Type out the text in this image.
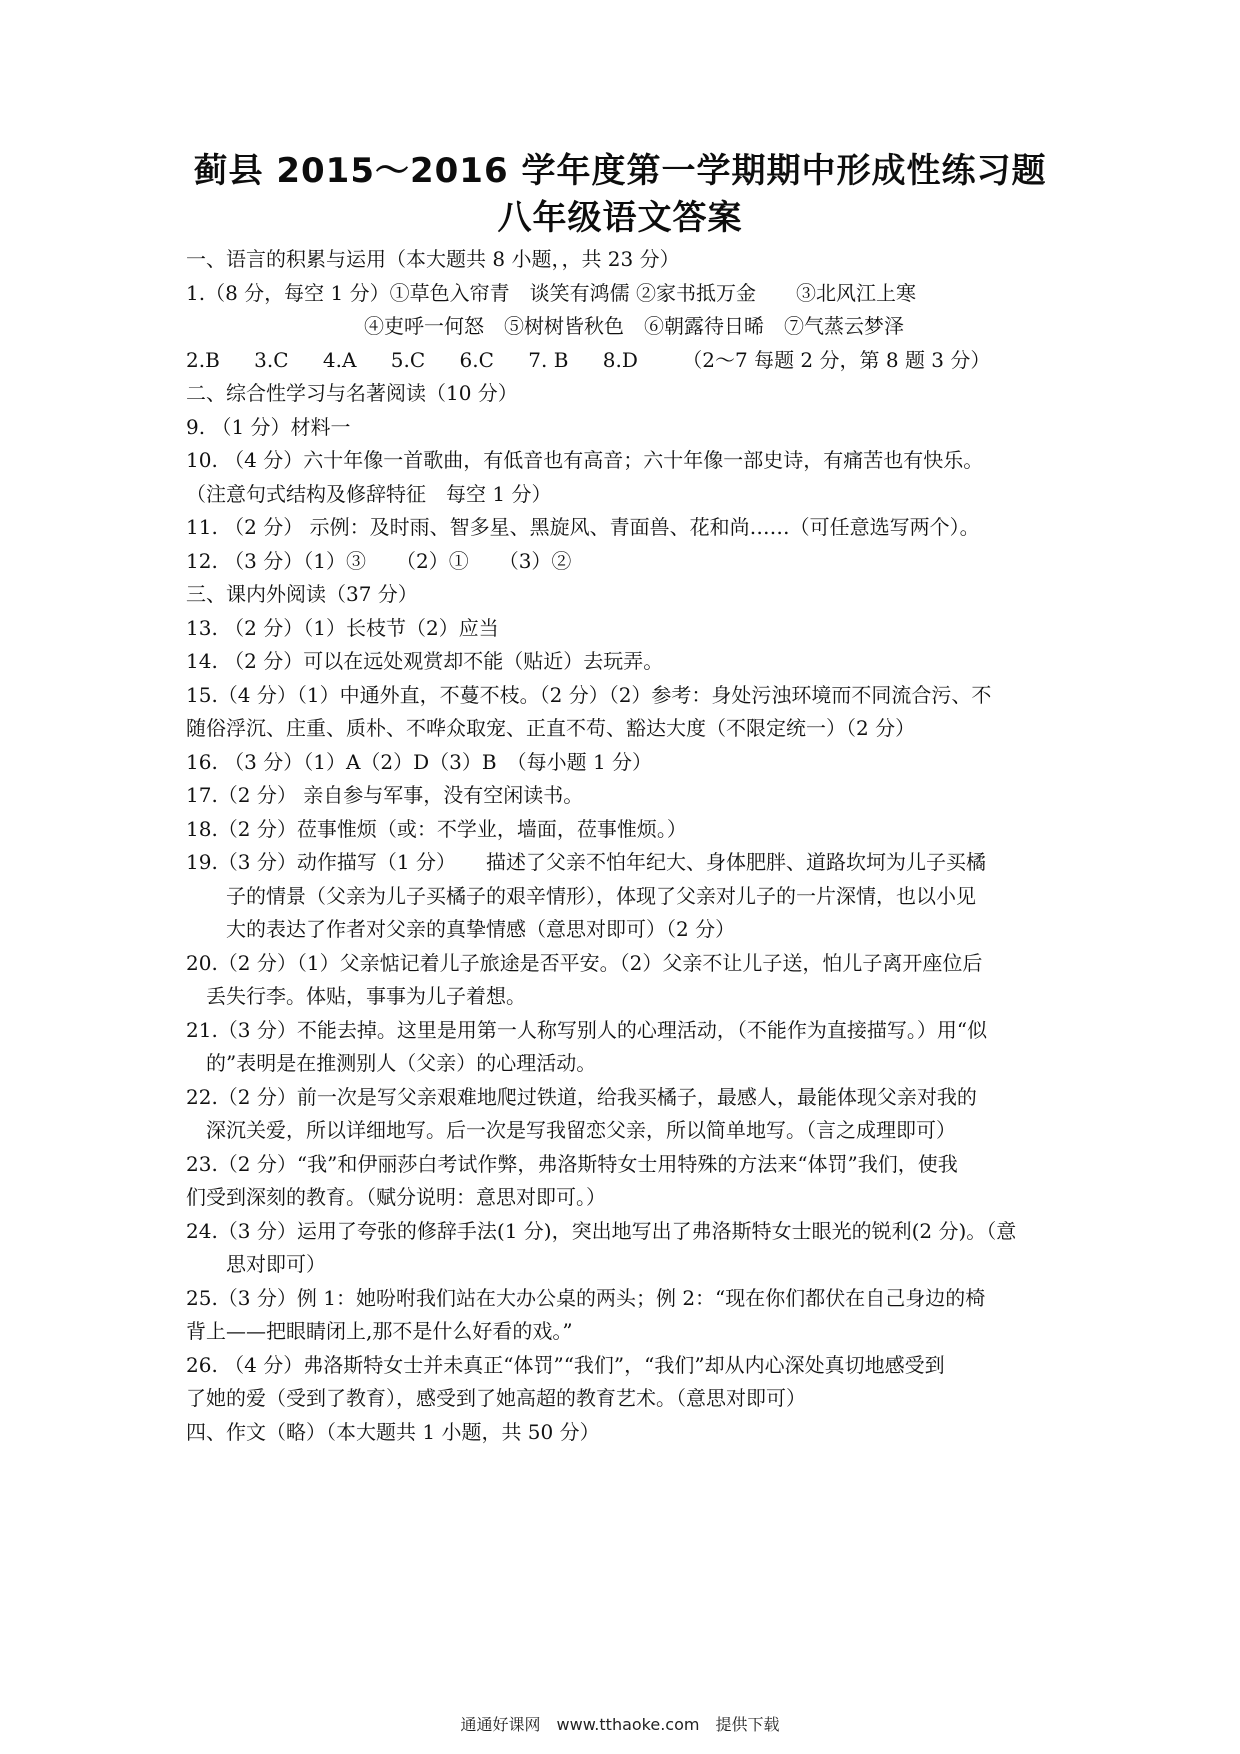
蓟县 2015～2016 学年度第一学期期中形成性练习题
八年级语文答案
一、语言的积累与运用（本大题共 8 小题，，共 23 分）
1.（8 分，每空 1 分）①草色入帘青　谈笑有鸿儒 ②家书抵万金　　③北风江上寒
④吏呼一何怒　⑤树树皆秋色　⑥朝露待日晞　⑦气蒸云梦泽
2.B 3.C 4.A 5.C 6.C 7. B 8.D （2～7 每题 2 分，第 8 题 3 分）
二、综合性学习与名著阅读（10 分）
9. （1 分）材料一
10. （4 分）六十年像一首歌曲，有低音也有高音；六十年像一部史诗，有痛苦也有快乐。
（注意句式结构及修辞特征　每空 1 分）
11. （2 分） 示例：及时雨、智多星、黑旋风、青面兽、花和尚……（可任意选写两个）。
12. （3 分）（1）③　　（2）①　　（3）②
三、课内外阅读（37 分）
13. （2 分）（1）长枝节（2）应当
14. （2 分）可以在远处观赏却不能（贴近）去玩弄。
15.（4 分）（1）中通外直，不蔓不枝。（2 分）（2）参考：身处污浊环境而不同流合污、不
随俗浮沉、庄重、质朴、不哗众取宠、正直不苟、豁达大度（不限定统一）（2 分）
16. （3 分）（1）A（2）D（3）B　（每小题 1 分）
17.（2 分） 亲自参与军事，没有空闲读书。
18.（2 分）莅事惟烦（或：不学业，墙面，莅事惟烦。）
19.（3 分）动作描写（1 分）　　描述了父亲不怕年纪大、身体肥胖、道路坎坷为儿子买橘
子的情景（父亲为儿子买橘子的艰辛情形），体现了父亲对儿子的一片深情，也以小见
大的表达了作者对父亲的真挚情感（意思对即可）（2 分）
20.（2 分）（1）父亲惦记着儿子旅途是否平安。（2）父亲不让儿子送，怕儿子离开座位后
丢失行李。体贴，事事为儿子着想。
21.（3 分）不能去掉。这里是用第一人称写别人的心理活动，（不能作为直接描写。）用“似
的”表明是在推测别人（父亲）的心理活动。
22.（2 分）前一次是写父亲艰难地爬过铁道，给我买橘子，最感人，最能体现父亲对我的
深沉关爱，所以详细地写。后一次是写我留恋父亲，所以简单地写。（言之成理即可）
23.（2 分）“我”和伊丽莎白考试作弊，弗洛斯特女士用特殊的方法来“体罚”我们，使我
们受到深刻的教育。（赋分说明：意思对即可。）
24.（3 分）运用了夸张的修辞手法(1 分)，突出地写出了弗洛斯特女士眼光的锐利(2 分)。（意
思对即可）
25.（3 分）例 1：她吩咐我们站在大办公桌的两头；例 2：“现在你们都伏在自己身边的椅
背上——把眼睛闭上,那不是什么好看的戏。”
26. （4 分）弗洛斯特女士并未真正“体罚”“我们”，“我们”却从内心深处真切地感受到
了她的爱（受到了教育），感受到了她高超的教育艺术。（意思对即可）
四、作文（略）（本大题共 1 小题，共 50 分）
通通好课网　www.tthaoke.com　提供下载
